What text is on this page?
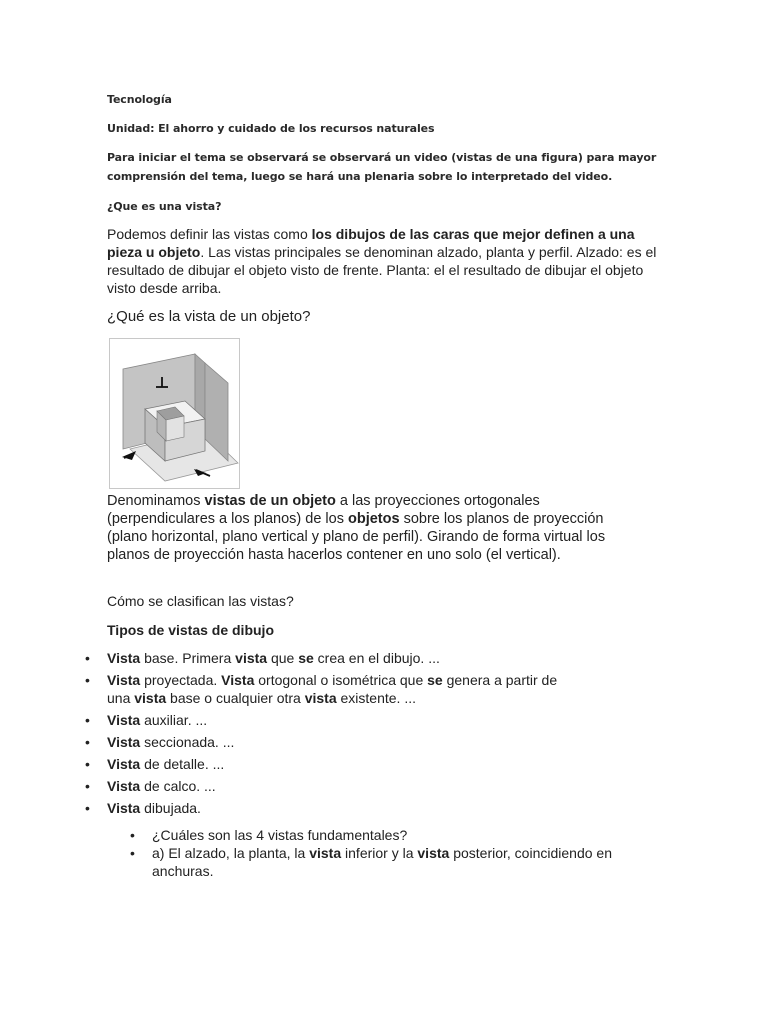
Tecnología
Unidad: El ahorro y cuidado de los recursos naturales
Para iniciar el tema se observará se observará un video (vistas de una figura) para mayor
comprensión del tema, luego se hará una plenaria sobre lo interpretado del video.
¿Que es una vista?
Podemos definir las vistas como los dibujos de las caras que mejor definen a una
pieza u objeto. Las vistas principales se denominan alzado, planta y perfil. Alzado: es el
resultado de dibujar el objeto visto de frente. Planta: el el resultado de dibujar el objeto
visto desde arriba.
¿Qué es la vista de un objeto?
Denominamos vistas de un objeto a las proyecciones ortogonales
(perpendiculares a los planos) de los objetos sobre los planos de proyección
(plano horizontal, plano vertical y plano de perfil). Girando de forma virtual los
planos de proyección hasta hacerlos contener en uno solo (el vertical).
Cómo se clasifican las vistas?
Tipos de vistas de dibujo
• Vista base. Primera vista que se crea en el dibujo. ...
• Vista proyectada. Vista ortogonal o isométrica que se genera a partir de
una vista base o cualquier otra vista existente. ...
• Vista auxiliar. ...
• Vista seccionada. ...
• Vista de detalle. ...
• Vista de calco. ...
• Vista dibujada.
• ¿Cuáles son las 4 vistas fundamentales?
• a) El alzado, la planta, la vista inferior y la vista posterior, coincidiendo en
anchuras.
